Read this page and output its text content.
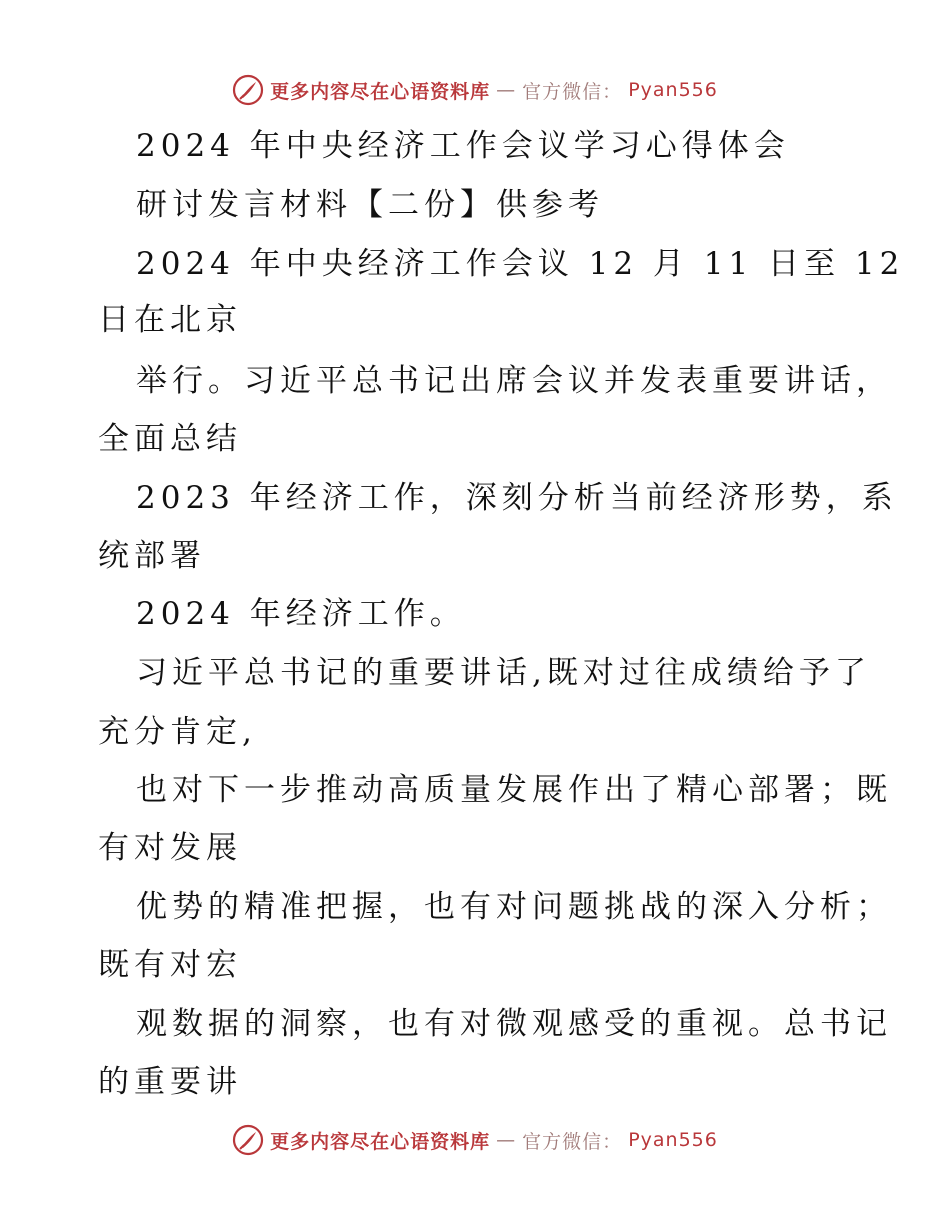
更多内容尽在心语资料库 — 官方微信： Pyan556
2024 年中央经济工作会议学习心得体会
研讨发言材料【二份】供参考
2024 年中央经济工作会议 12 月 11 日至 12
日在北京
举行。习近平总书记出席会议并发表重要讲话，
全面总结
2023 年经济工作，深刻分析当前经济形势，系
统部署
2024 年经济工作。
习近平总书记的重要讲话,既对过往成绩给予了
充分肯定,
也对下一步推动高质量发展作出了精心部署；既
有对发展
优势的精准把握，也有对问题挑战的深入分析；
既有对宏
观数据的洞察，也有对微观感受的重视。总书记
的重要讲
更多内容尽在心语资料库 — 官方微信： Pyan556
